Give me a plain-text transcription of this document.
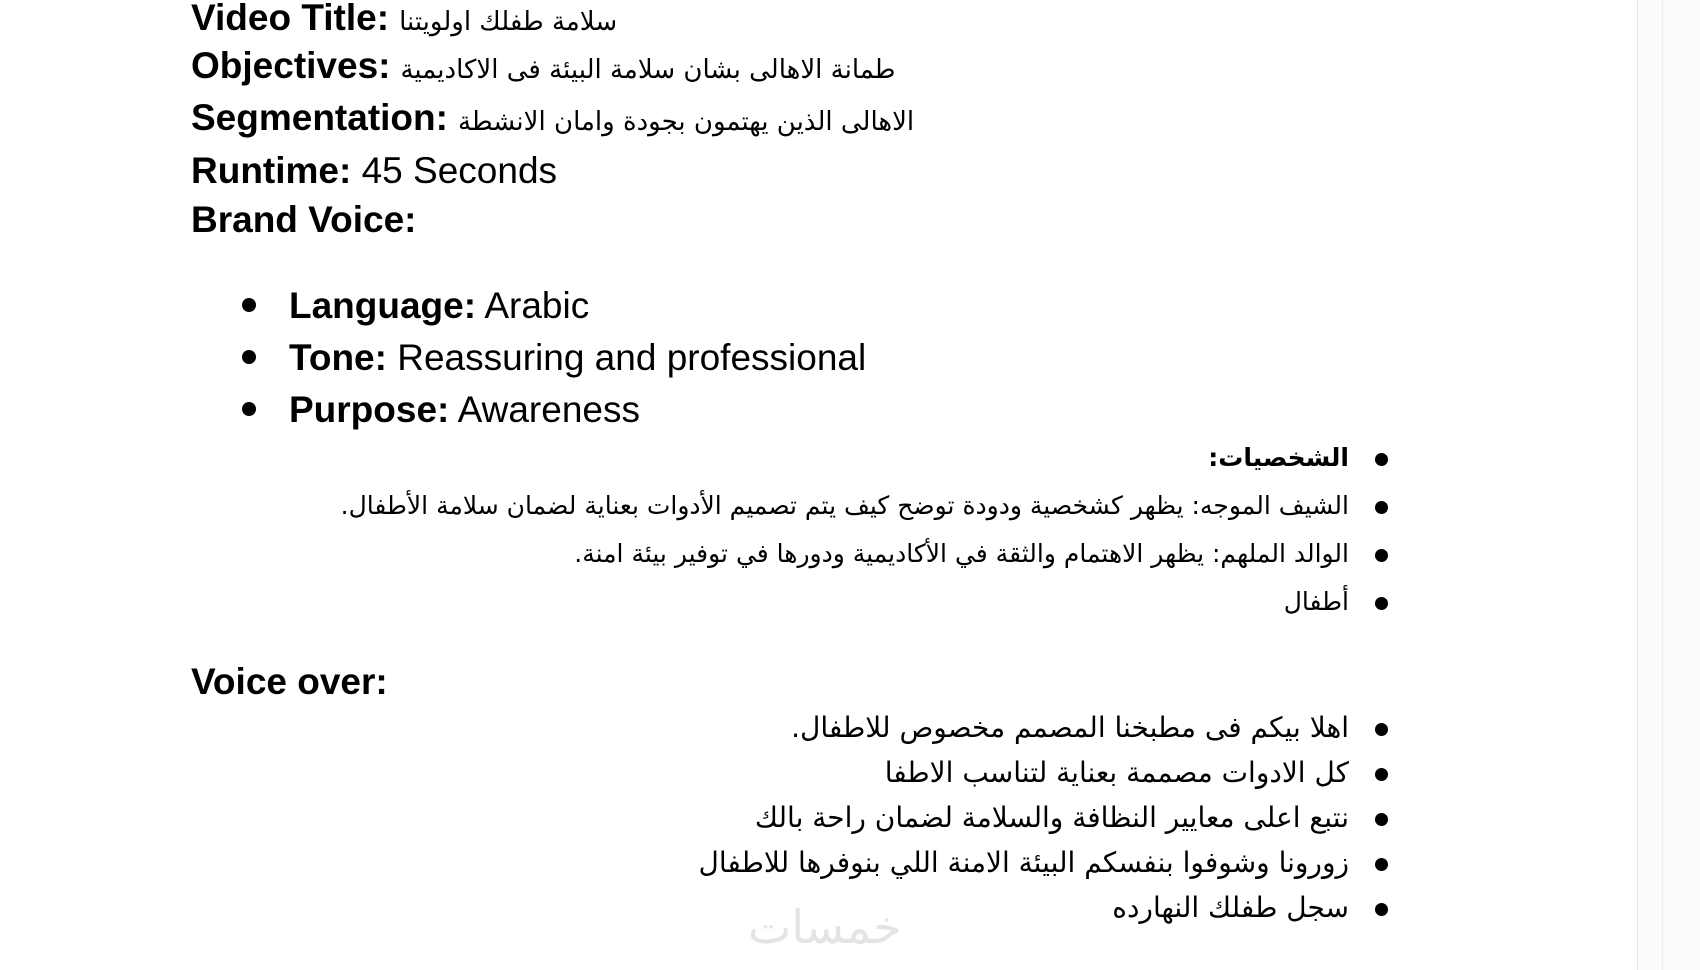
Video Title: سلامة طفلك اولويتنا
Objectives: طمانة الاهالى بشان سلامة البيئة فى الاكاديمية
Segmentation: الاهالى الذين يهتمون بجودة وامان الانشطة
Runtime: 45 Seconds
Brand Voice:
Language: Arabic
Tone: Reassuring and professional
Purpose: Awareness
الشخصيات:
الشيف الموجه: يظهر كشخصية ودودة توضح كيف يتم تصميم الأدوات بعناية لضمان سلامة الأطفال.
الوالد الملهم: يظهر الاهتمام والثقة في الأكاديمية ودورها في توفير بيئة امنة.
أطفال
Voice over:
اهلا بيكم فى مطبخنا المصمم مخصوص للاطفال.
كل الادوات مصممة بعناية لتناسب الاطفا
نتبع اعلى معايير النظافة والسلامة لضمان راحة بالك
زورونا وشوفوا بنفسكم البيئة الامنة اللي بنوفرها للاطفال
سجل طفلك النهارده
خمسات
